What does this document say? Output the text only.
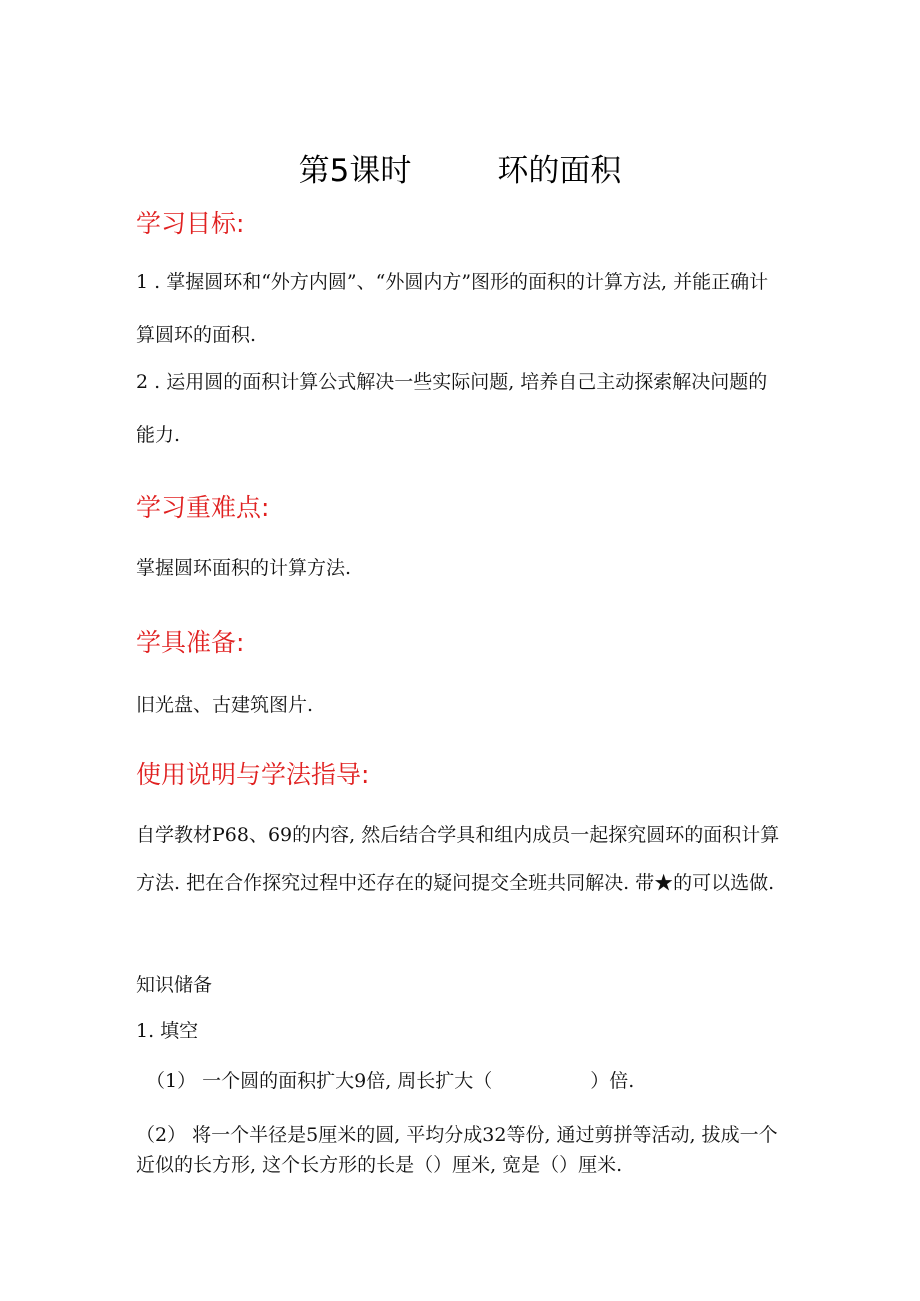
第5课时	环的面积
学习目标:
1 . 掌握圆环和“外方内圆”、“外圆内方”图形的面积的计算方法, 并能正确计算圆环的面积.
2 . 运用圆的面积计算公式解决一些实际问题, 培养自己主动探索解决问题的能力.
学习重难点:
掌握圆环面积的计算方法.
学具准备:
旧光盘、古建筑图片.
使用说明与学法指导:
自学教材P68、69的内容, 然后结合学具和组内成员一起探究圆环的面积计算方法. 把在合作探究过程中还存在的疑问提交全班共同解决. 带★的可以选做.
知识储备
1. 填空
（1） 一个圆的面积扩大9倍, 周长扩大（	）倍.
（2） 将一个半径是5厘米的圆, 平均分成32等份, 通过剪拼等活动, 拔成一个近似的长方形, 这个长方形的长是（）厘米, 宽是（）厘米.
